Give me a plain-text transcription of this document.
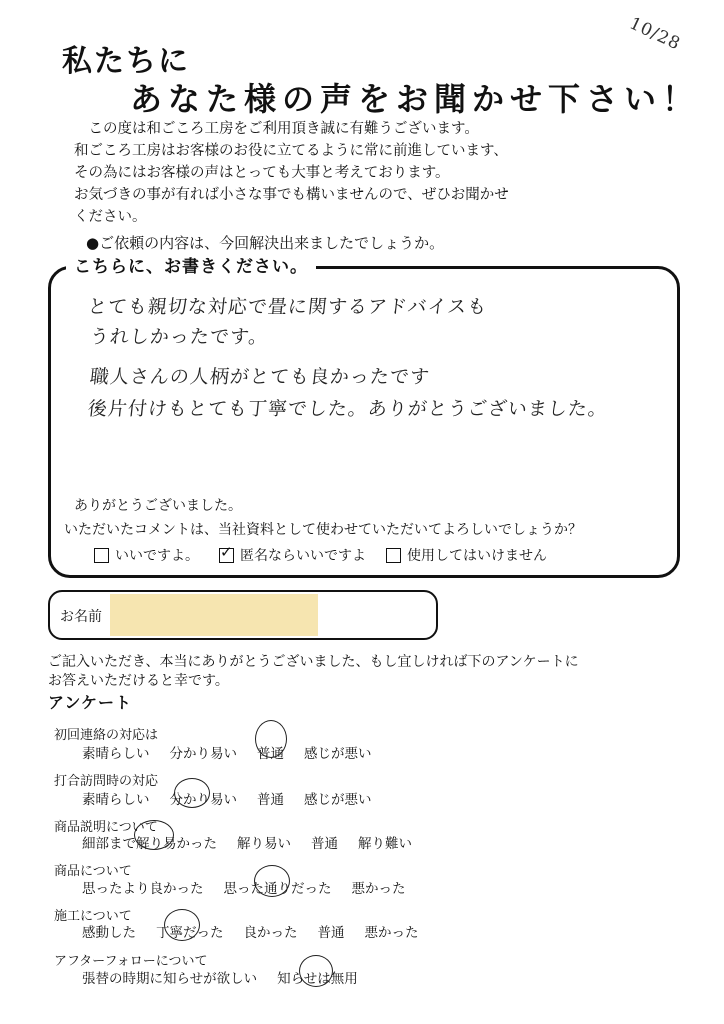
10/28
私たちに
あなた様の声をお聞かせ下さい！
　この度は和ごころ工房をご利用頂き誠に有難うございます。
和ごころ工房はお客様のお役に立てるように常に前進しています、
その為にはお客様の声はとっても大事と考えております。
お気づきの事が有れば小さな事でも構いませんので、ぜひお聞かせ
ください。
●ご依頼の内容は、今回解決出来ましたでしょうか。
こちらに、お書きください。
とても親切な対応で畳に関するアドバイスも
うれしかったです。
職人さんの人柄がとても良かったです
後片付けもとても丁寧でした。ありがとうございました。
ありがとうございました。
いただいたコメントは、当社資料として使わせていただいてよろしいでしょうか？
いいですよ。
✓	匿名ならいいですよ	使用してはいけません
お名前
ご記入いただき、本当にありがとうございました、もし宜しければ下のアンケートに
お答えいただけると幸です。
アンケート
初回連絡の対応は
素晴らしい 分かり易い 普通 感じが悪い
打合訪問時の対応
素晴らしい 分かり易い 普通 感じが悪い
商品説明について
細部まで解り易かった 解り易い 普通 解り難い
商品について
思ったより良かった 思った通りだった 悪かった
施工について
感動した 丁寧だった 良かった 普通 悪かった
アフターフォローについて
張替の時期に知らせが欲しい 知らせは無用
